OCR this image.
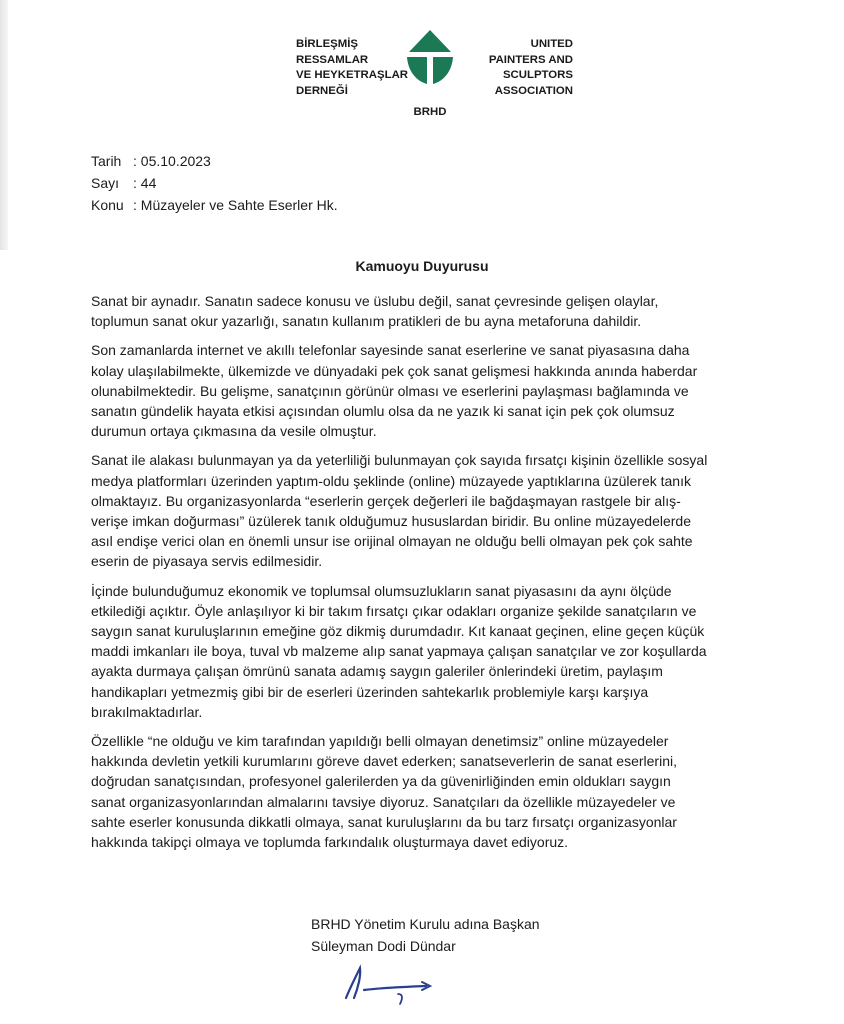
BİRLEŞMİŞ
RESSAMLAR
VE HEYKETRAŞLAR
DERNEĞİ
UNITED
PAINTERS AND
SCULPTORS
ASSOCIATION
BRHD
Tarih : 05.10.2023
Sayı : 44
Konu : Müzayeler ve Sahte Eserler Hk.
Kamuoyu Duyurusu

Sanat bir aynadır. Sanatın sadece konusu ve üslubu değil, sanat çevresinde gelişen olaylar,
toplumun sanat okur yazarlığı, sanatın kullanım pratikleri de bu ayna metaforuna dahildir.

Son zamanlarda internet ve akıllı telefonlar sayesinde sanat eserlerine ve sanat piyasasına daha
kolay ulaşılabilmekte, ülkemizde ve dünyadaki pek çok sanat gelişmesi hakkında anında haberdar
olunabilmektedir. Bu gelişme, sanatçının görünür olması ve eserlerini paylaşması bağlamında ve
sanatın gündelik hayata etkisi açısından olumlu olsa da ne yazık ki sanat için pek çok olumsuz
durumun ortaya çıkmasına da vesile olmuştur.

Sanat ile alakası bulunmayan ya da yeterliliği bulunmayan çok sayıda fırsatçı kişinin özellikle sosyal
medya platformları üzerinden yaptım-oldu şeklinde (online) müzayede yaptıklarına üzülerek tanık
olmaktayız. Bu organizasyonlarda “eserlerin gerçek değerleri ile bağdaşmayan rastgele bir alış-
verişe imkan doğurması” üzülerek tanık olduğumuz hususlardan biridir. Bu online müzayedelerde
asıl endişe verici olan en önemli unsur ise orijinal olmayan ne olduğu belli olmayan pek çok sahte
eserin de piyasaya servis edilmesidir.

İçinde bulunduğumuz ekonomik ve toplumsal olumsuzlukların sanat piyasasını da aynı ölçüde
etkilediği açıktır. Öyle anlaşılıyor ki bir takım fırsatçı çıkar odakları organize şekilde sanatçıların ve
saygın sanat kuruluşlarının emeğine göz dikmiş durumdadır. Kıt kanaat geçinen, eline geçen küçük
maddi imkanları ile boya, tuval vb malzeme alıp sanat yapmaya çalışan sanatçılar ve zor koşullarda
ayakta durmaya çalışan ömrünü sanata adamış saygın galeriler önlerindeki üretim, paylaşım
handikapları yetmezmiş gibi bir de eserleri üzerinden sahtekarlık problemiyle karşı karşıya
bırakılmaktadırlar.

Özellikle “ne olduğu ve kim tarafından yapıldığı belli olmayan denetimsiz” online müzayedeler
hakkında devletin yetkili kurumlarını göreve davet ederken; sanatseverlerin de sanat eserlerini,
doğrudan sanatçısından, profesyonel galerilerden ya da güvenirliğinden emin oldukları saygın
sanat organizasyonlarından almalarını tavsiye diyoruz. Sanatçıları da özellikle müzayedeler ve
sahte eserler konusunda dikkatli olmaya, sanat kuruluşlarını da bu tarz fırsatçı organizasyonlar
hakkında takipçi olmaya ve toplumda farkındalık oluşturmaya davet ediyoruz.

BRHD Yönetim Kurulu adına Başkan
Süleyman Dodi Dündar
